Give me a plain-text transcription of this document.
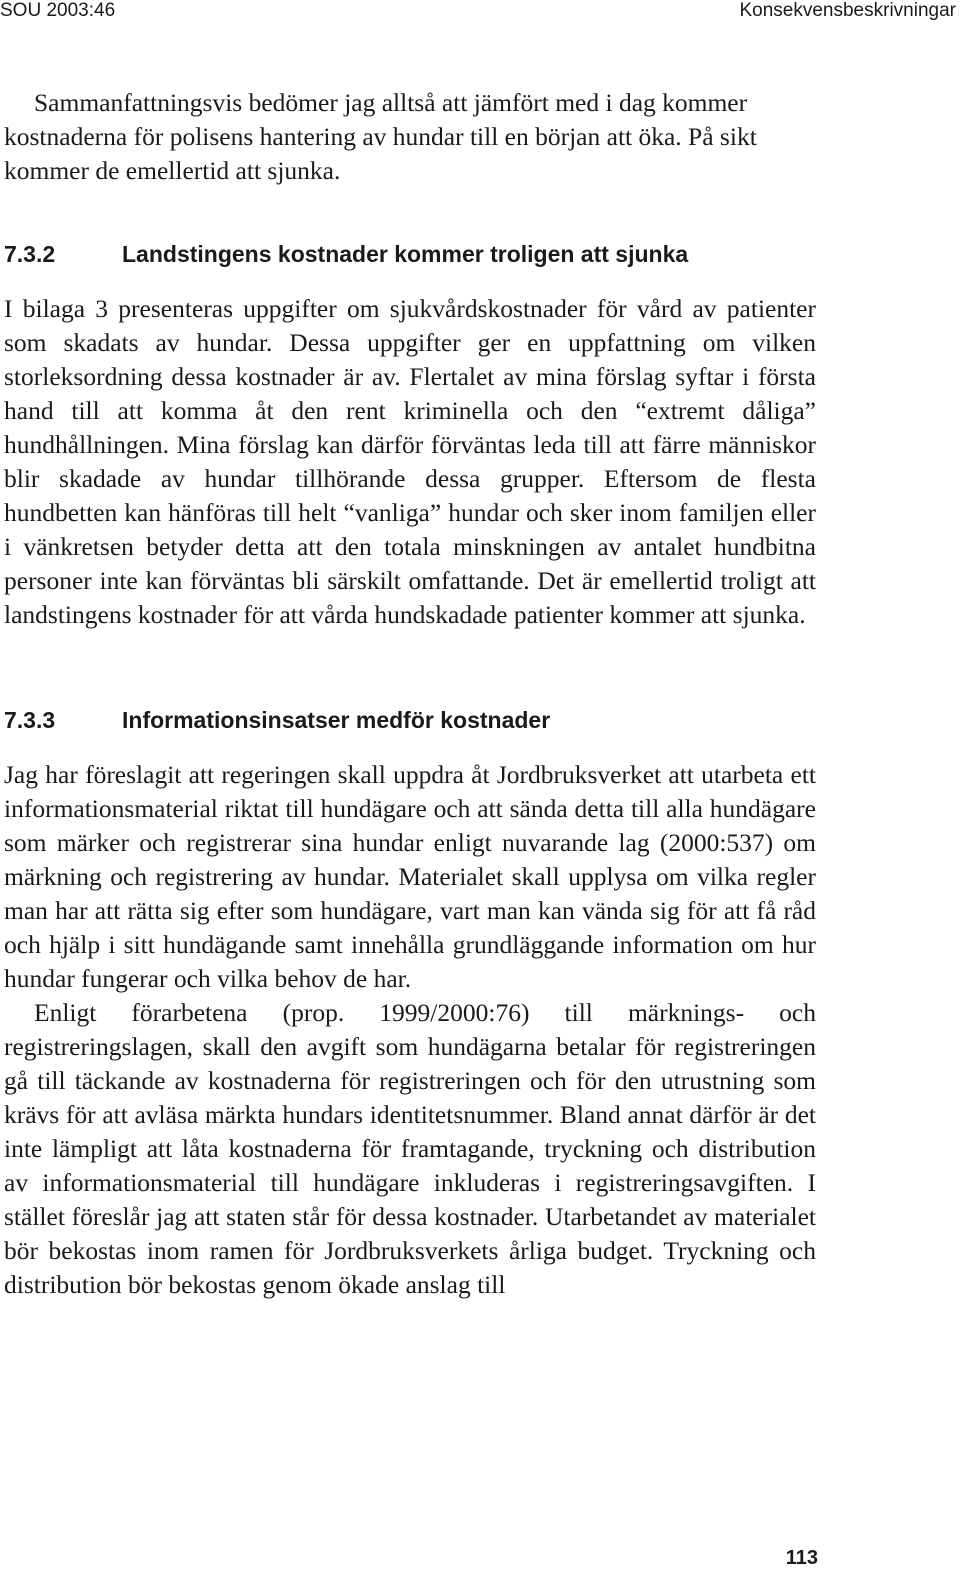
SOU 2003:46	Konsekvensbeskrivningar

Sammanfattningsvis bedömer jag alltså att jämfört med i dag kommer kostnaderna för polisens hantering av hundar till en början att öka. På sikt kommer de emellertid att sjunka.

7.3.2	Landstingens kostnader kommer troligen att sjunka

I bilaga 3 presenteras uppgifter om sjukvårdskostnader för vård av patienter som skadats av hundar. Dessa uppgifter ger en uppfattning om vilken storleksordning dessa kostnader är av. Flertalet av mina förslag syftar i första hand till att komma åt den rent kriminella och den “extremt dåliga” hundhållningen. Mina förslag kan därför förväntas leda till att färre människor blir skadade av hundar tillhörande dessa grupper. Eftersom de flesta hundbetten kan hänföras till helt “vanliga” hundar och sker inom familjen eller i vänkretsen betyder detta att den totala minskningen av antalet hundbitna personer inte kan förväntas bli särskilt omfattande. Det är emellertid troligt att landstingens kostnader för att vårda hundskadade patienter kommer att sjunka.

7.3.3	Informationsinsatser medför kostnader

Jag har föreslagit att regeringen skall uppdra åt Jordbruksverket att utarbeta ett informationsmaterial riktat till hundägare och att sända detta till alla hundägare som märker och registrerar sina hundar enligt nuvarande lag (2000:537) om märkning och registrering av hundar. Materialet skall upplysa om vilka regler man har att rätta sig efter som hundägare, vart man kan vända sig för att få råd och hjälp i sitt hundägande samt innehålla grundläggande information om hur hundar fungerar och vilka behov de har.

Enligt förarbetena (prop. 1999/2000:76) till märknings- och registreringslagen, skall den avgift som hundägarna betalar för registreringen gå till täckande av kostnaderna för registreringen och för den utrustning som krävs för att avläsa märkta hundars identitetsnummer. Bland annat därför är det inte lämpligt att låta kostnaderna för framtagande, tryckning och distribution av informationsmaterial till hundägare inkluderas i registreringsavgiften. I stället föreslår jag att staten står för dessa kostnader. Utarbetandet av materialet bör bekostas inom ramen för Jordbruksverkets årliga budget. Tryckning och distribution bör bekostas genom ökade anslag till

113
